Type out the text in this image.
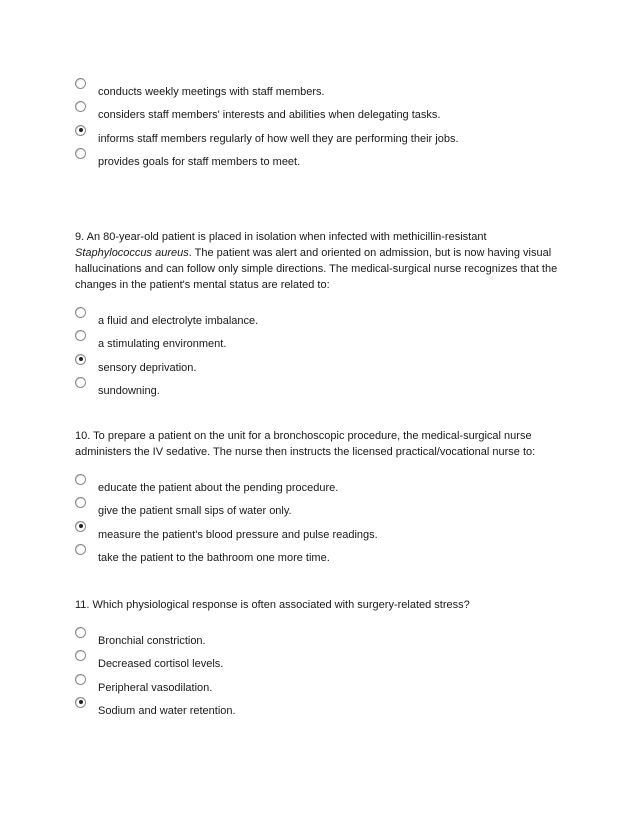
conducts weekly meetings with staff members.
considers staff members' interests and abilities when delegating tasks.
informs staff members regularly of how well they are performing their jobs.
provides goals for staff members to meet.
9. An 80-year-old patient is placed in isolation when infected with methicillin-resistant Staphylococcus aureus. The patient was alert and oriented on admission, but is now having visual hallucinations and can follow only simple directions. The medical-surgical nurse recognizes that the changes in the patient's mental status are related to:
a fluid and electrolyte imbalance.
a stimulating environment.
sensory deprivation.
sundowning.
10. To prepare a patient on the unit for a bronchoscopic procedure, the medical-surgical nurse administers the IV sedative. The nurse then instructs the licensed practical/vocational nurse to:
educate the patient about the pending procedure.
give the patient small sips of water only.
measure the patient's blood pressure and pulse readings.
take the patient to the bathroom one more time.
11. Which physiological response is often associated with surgery-related stress?
Bronchial constriction.
Decreased cortisol levels.
Peripheral vasodilation.
Sodium and water retention.
